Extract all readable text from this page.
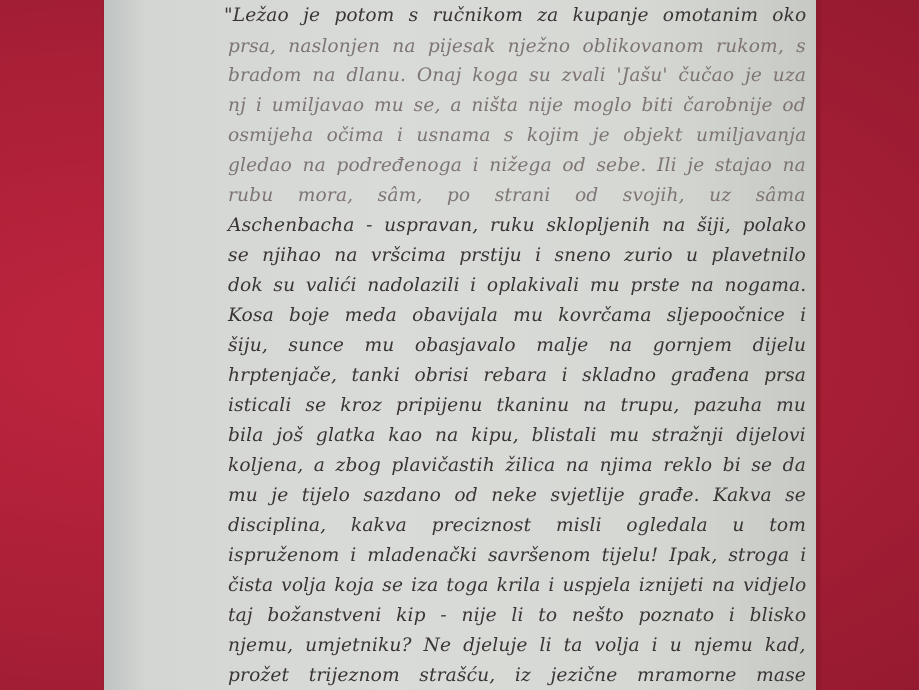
"Ležao je potom s ručnikom za kupanje omotanim oko
prsa, naslonjen na pijesak nježno oblikovanom rukom, s
bradom na dlanu. Onaj koga su zvali 'Jašu' čučao je uza
nj i umiljavao mu se, a ništa nije moglo biti čarobnije od
osmijeha očima i usnama s kojim je objekt umiljavanja
gledao na podređenoga i nižega od sebe. Ili je stajao na
rubu mora, sâm, po strani od svojih, uz sâma
Aschenbacha - uspravan, ruku sklopljenih na šiji, polako
se njihao na vršcima prstiju i sneno zurio u plavetnilo
dok su valići nadolazili i oplakivali mu prste na nogama.
Kosa boje meda obavijala mu kovrčama sljepoočnice i
šiju, sunce mu obasjavalo malje na gornjem dijelu
hrptenjače, tanki obrisi rebara i skladno građena prsa
isticali se kroz pripijenu tkaninu na trupu, pazuha mu
bila još glatka kao na kipu, blistali mu stražnji dijelovi
koljena, a zbog plavičastih žilica na njima reklo bi se da
mu je tijelo sazdano od neke svjetlije građe. Kakva se
disciplina, kakva preciznost misli ogledala u tom
ispruženom i mladenački savršenom tijelu! Ipak, stroga i
čista volja koja se iza toga krila i uspjela iznijeti na vidjelo
taj božanstveni kip - nije li to nešto poznato i blisko
njemu, umjetniku? Ne djeluje li ta volja i u njemu kad,
prožet trijeznom strašću, iz jezične mramorne mase
